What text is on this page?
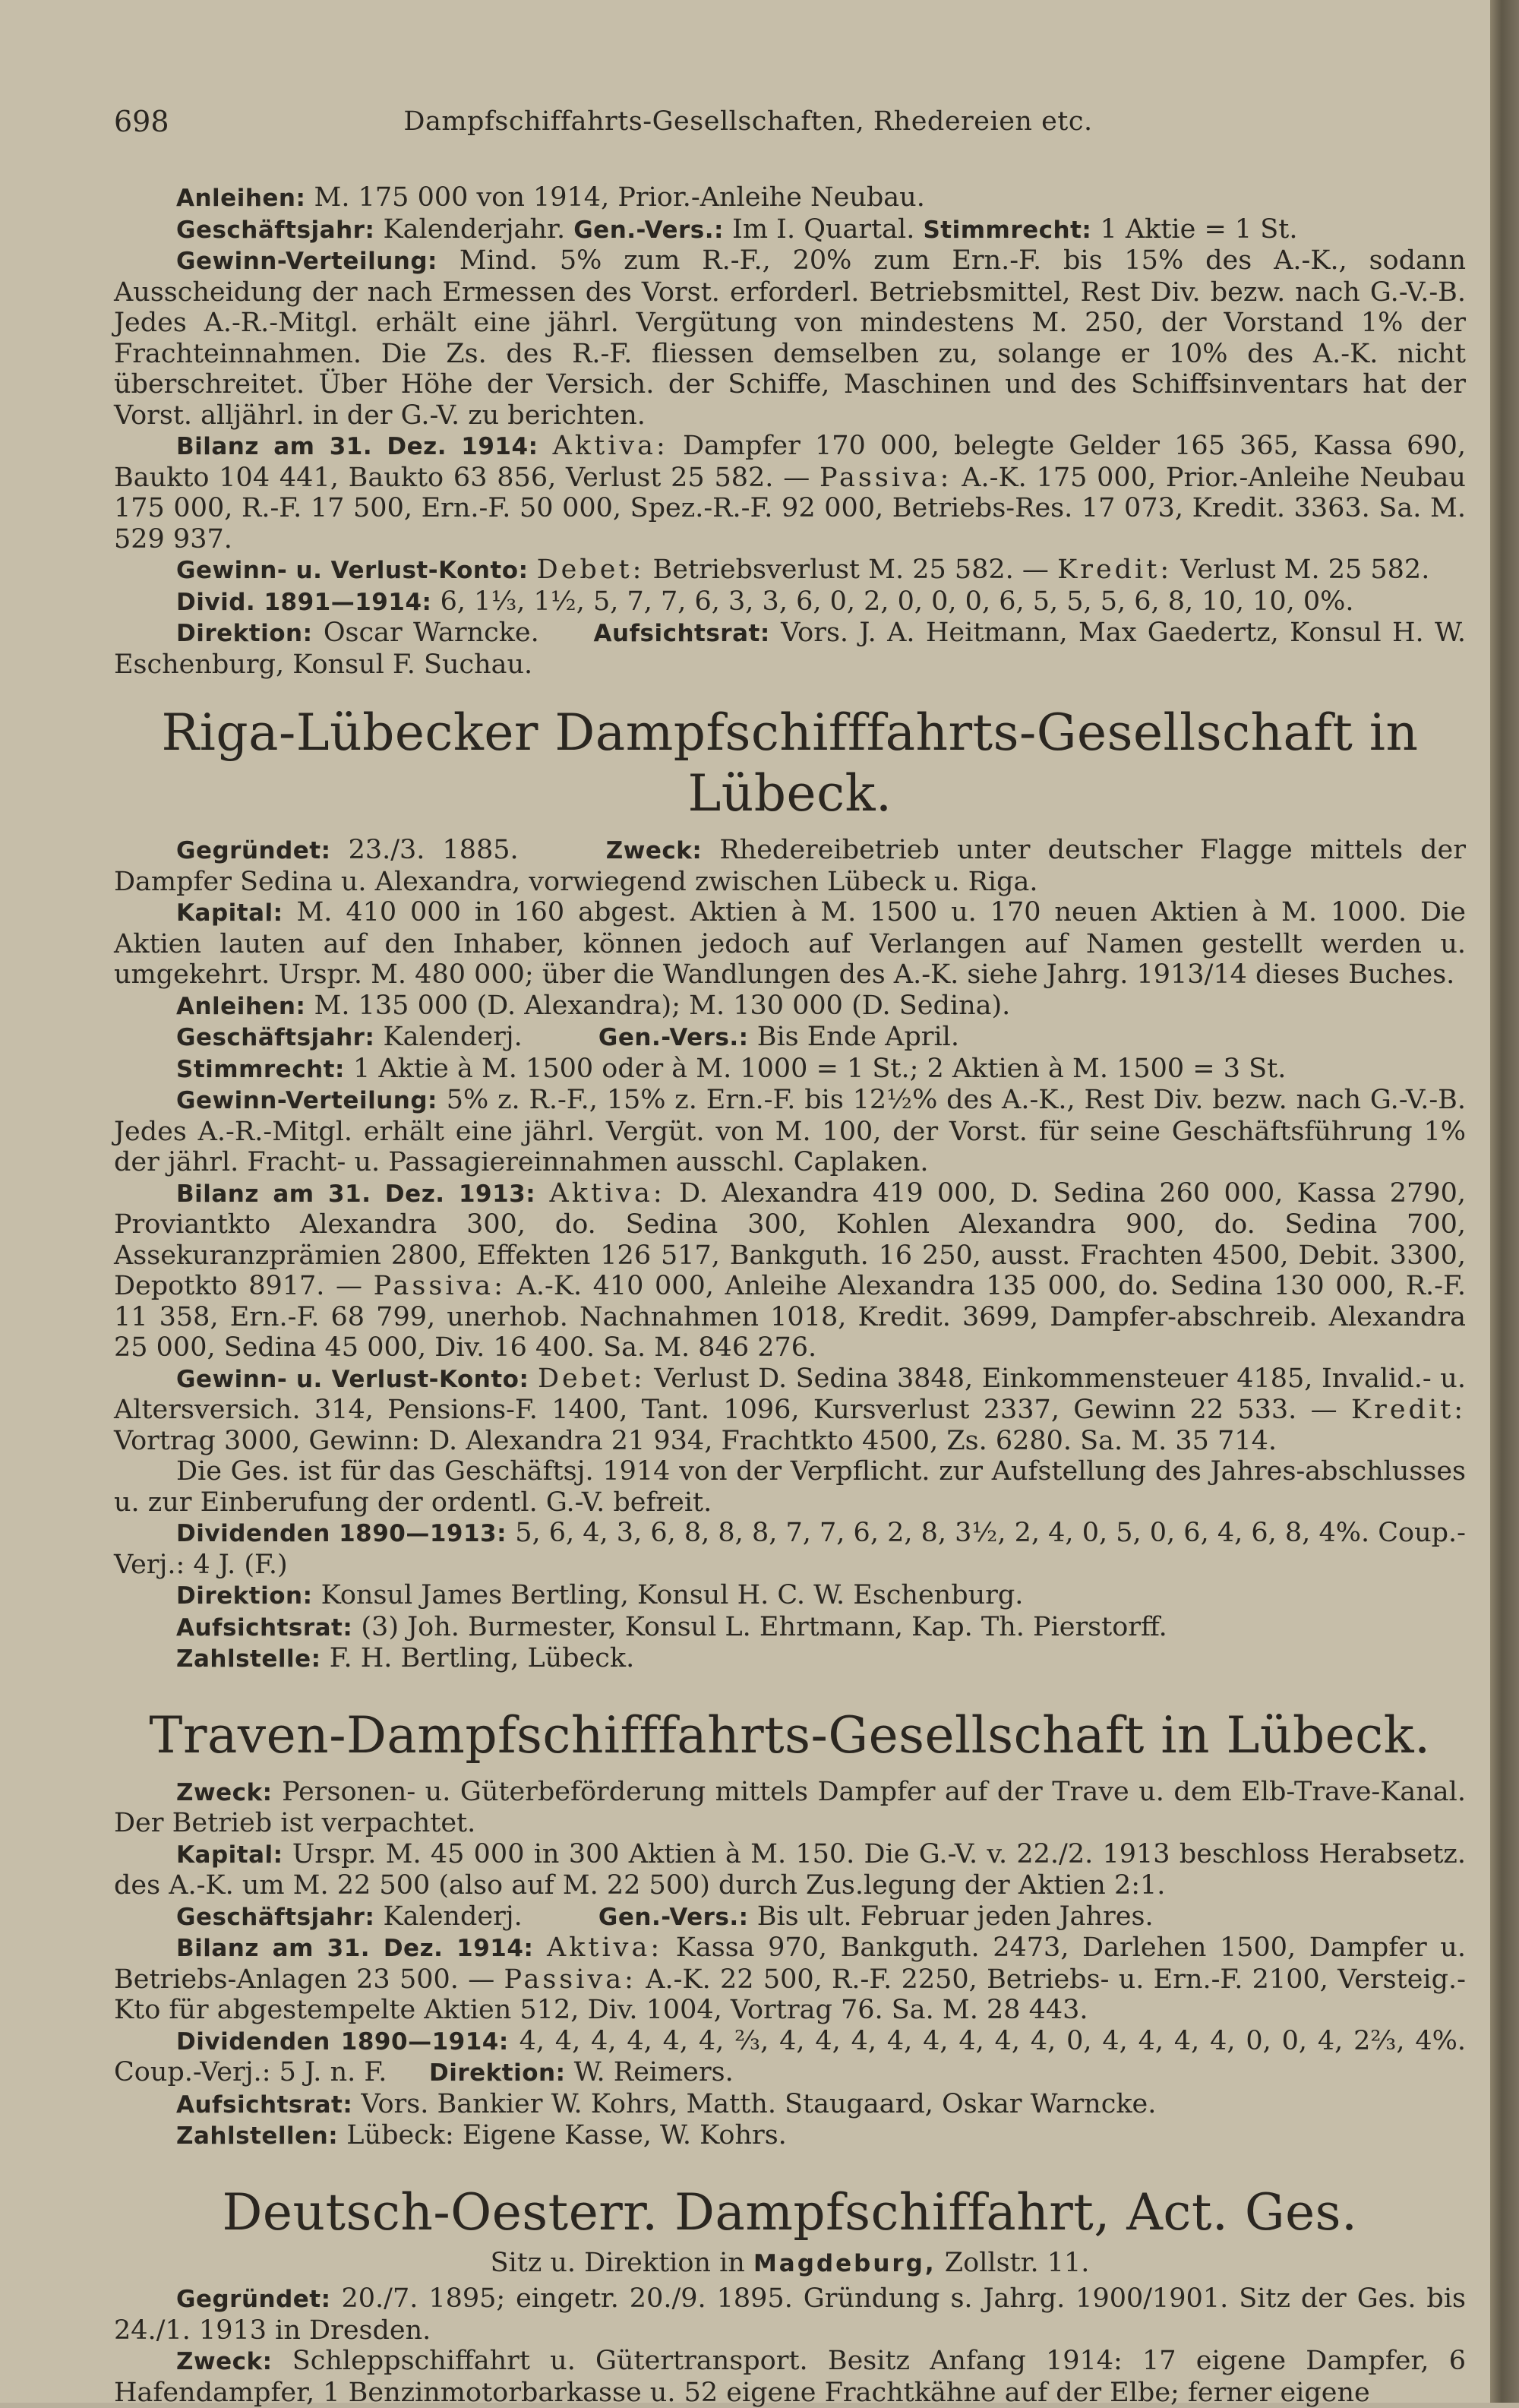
698	Dampfschiffahrts-Gesellschaften, Rhedereien etc.

Anleihen: M. 175 000 von 1914, Prior.-Anleihe Neubau.

Geschäftsjahr: Kalenderjahr. Gen.-Vers.: Im I. Quartal. Stimmrecht: 1 Aktie = 1 St.

Gewinn-Verteilung: Mind. 5% zum R.-F., 20% zum Ern.-F. bis 15% des A.-K., sodann Ausscheidung der nach Ermessen des Vorst. erforderl. Betriebsmittel, Rest Div. bezw. nach G.-V.-B. Jedes A.-R.-Mitgl. erhält eine jährl. Vergütung von mindestens M. 250, der Vorstand 1% der Frachteinnahmen. Die Zs. des R.-F. fliessen demselben zu, solange er 10% des A.-K. nicht überschreitet. Über Höhe der Versich. der Schiffe, Maschinen und des Schiffsinventars hat der Vorst. alljährl. in der G.-V. zu berichten.

Bilanz am 31. Dez. 1914: Aktiva: Dampfer 170 000, belegte Gelder 165 365, Kassa 690, Baukto 104 441, Baukto 63 856, Verlust 25 582. — Passiva: A.-K. 175 000, Prior.-Anleihe Neubau 175 000, R.-F. 17 500, Ern.-F. 50 000, Spez.-R.-F. 92 000, Betriebs-Res. 17 073, Kredit. 3363. Sa. M. 529 937.

Gewinn- u. Verlust-Konto: Debet: Betriebsverlust M. 25 582. — Kredit: Verlust M. 25 582.

Divid. 1891—1914: 6, 1⅓, 1½, 5, 7, 7, 6, 3, 3, 6, 0, 2, 0, 0, 0, 6, 5, 5, 5, 6, 8, 10, 10, 0%.

Direktion: Oscar Warncke. Aufsichtsrat: Vors. J. A. Heitmann, Max Gaedertz, Konsul H. W. Eschenburg, Konsul F. Suchau.

Riga-Lübecker Dampfschifffahrts-Gesellschaft in Lübeck.

Gegründet: 23./3. 1885.	Zweck: Rhedereibetrieb unter deutscher Flagge mittels der Dampfer Sedina u. Alexandra, vorwiegend zwischen Lübeck u. Riga.

Kapital: M. 410 000 in 160 abgest. Aktien à M. 1500 u. 170 neuen Aktien à M. 1000. Die Aktien lauten auf den Inhaber, können jedoch auf Verlangen auf Namen gestellt werden u. umgekehrt. Urspr. M. 480 000; über die Wandlungen des A.-K. siehe Jahrg. 1913/14 dieses Buches.

Anleihen: M. 135 000 (D. Alexandra); M. 130 000 (D. Sedina).

Geschäftsjahr: Kalenderj.	Gen.-Vers.: Bis Ende April.

Stimmrecht: 1 Aktie à M. 1500 oder à M. 1000 = 1 St.; 2 Aktien à M. 1500 = 3 St.

Gewinn-Verteilung: 5% z. R.-F., 15% z. Ern.-F. bis 12½% des A.-K., Rest Div. bezw. nach G.-V.-B. Jedes A.-R.-Mitgl. erhält eine jährl. Vergüt. von M. 100, der Vorst. für seine Geschäftsführung 1% der jährl. Fracht- u. Passagiereinnahmen ausschl. Caplaken.

Bilanz am 31. Dez. 1913: Aktiva: D. Alexandra 419 000, D. Sedina 260 000, Kassa 2790, Proviantkto Alexandra 300, do. Sedina 300, Kohlen Alexandra 900, do. Sedina 700, Assekuranzprämien 2800, Effekten 126 517, Bankguth. 16 250, ausst. Frachten 4500, Debit. 3300, Depotkto 8917. — Passiva: A.-K. 410 000, Anleihe Alexandra 135 000, do. Sedina 130 000, R.-F. 11 358, Ern.-F. 68 799, unerhob. Nachnahmen 1018, Kredit. 3699, Dampfer-abschreib. Alexandra 25 000, Sedina 45 000, Div. 16 400. Sa. M. 846 276.

Gewinn- u. Verlust-Konto: Debet: Verlust D. Sedina 3848, Einkommensteuer 4185, Invalid.- u. Altersversich. 314, Pensions-F. 1400, Tant. 1096, Kursverlust 2337, Gewinn 22 533. — Kredit: Vortrag 3000, Gewinn: D. Alexandra 21 934, Frachtkto 4500, Zs. 6280. Sa. M. 35 714.

Die Ges. ist für das Geschäftsj. 1914 von der Verpflicht. zur Aufstellung des Jahres-abschlusses u. zur Einberufung der ordentl. G.-V. befreit.

Dividenden 1890—1913: 5, 6, 4, 3, 6, 8, 8, 8, 7, 7, 6, 2, 8, 3½, 2, 4, 0, 5, 0, 6, 4, 6, 8, 4%. Coup.-Verj.: 4 J. (F.)

Direktion: Konsul James Bertling, Konsul H. C. W. Eschenburg.

Aufsichtsrat: (3) Joh. Burmester, Konsul L. Ehrtmann, Kap. Th. Pierstorff.

Zahlstelle: F. H. Bertling, Lübeck.

Traven-Dampfschifffahrts-Gesellschaft in Lübeck.

Zweck: Personen- u. Güterbeförderung mittels Dampfer auf der Trave u. dem Elb-Trave-Kanal. Der Betrieb ist verpachtet.

Kapital: Urspr. M. 45 000 in 300 Aktien à M. 150. Die G.-V. v. 22./2. 1913 beschloss Herabsetz. des A.-K. um M. 22 500 (also auf M. 22 500) durch Zus.legung der Aktien 2:1.

Geschäftsjahr: Kalenderj.	Gen.-Vers.: Bis ult. Februar jeden Jahres.

Bilanz am 31. Dez. 1914: Aktiva: Kassa 970, Bankguth. 2473, Darlehen 1500, Dampfer u. Betriebs-Anlagen 23 500. — Passiva: A.-K. 22 500, R.-F. 2250, Betriebs- u. Ern.-F. 2100, Versteig.-Kto für abgestempelte Aktien 512, Div. 1004, Vortrag 76. Sa. M. 28 443.

Dividenden 1890—1914: 4, 4, 4, 4, 4, 4, ⅔, 4, 4, 4, 4, 4, 4, 4, 4, 0, 4, 4, 4, 4, 0, 0, 4, 2⅔, 4%. Coup.-Verj.: 5 J. n. F. Direktion: W. Reimers.

Aufsichtsrat: Vors. Bankier W. Kohrs, Matth. Staugaard, Oskar Warncke.

Zahlstellen: Lübeck: Eigene Kasse, W. Kohrs.

Deutsch-Oesterr. Dampfschiffahrt, Act. Ges.

Sitz u. Direktion in Magdeburg, Zollstr. 11.

Gegründet: 20./7. 1895; eingetr. 20./9. 1895. Gründung s. Jahrg. 1900/1901. Sitz der Ges. bis 24./1. 1913 in Dresden.

Zweck: Schleppschiffahrt u. Gütertransport. Besitz Anfang 1914: 17 eigene Dampfer, 6 Hafendampfer, 1 Benzinmotorbarkasse u. 52 eigene Frachtkähne auf der Elbe; ferner eigene
